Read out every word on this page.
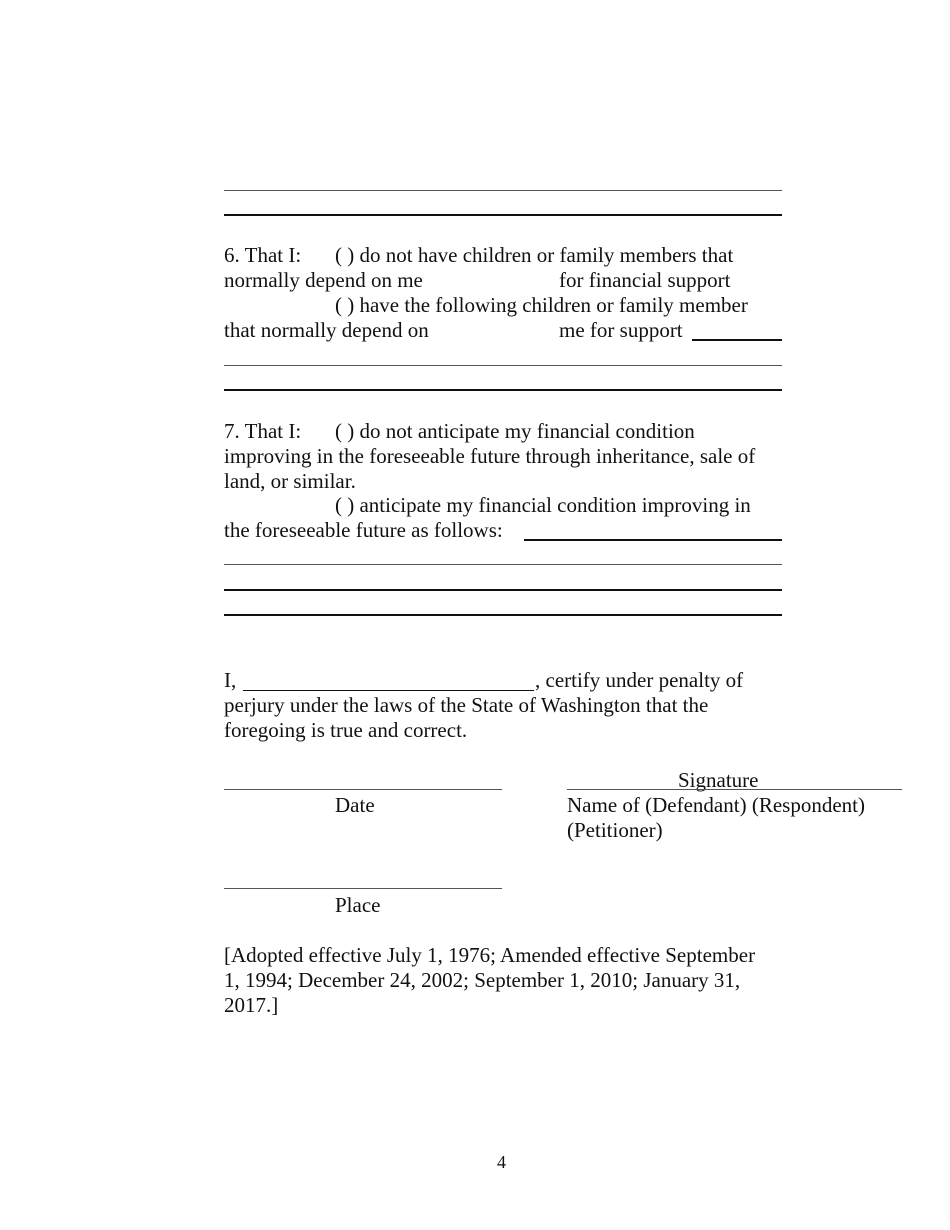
6. That I: ( ) do not have children or family members that
normally depend on me	for financial support
( ) have the following children or family member
that normally depend on	me for support
7. That I: ( ) do not anticipate my financial condition
improving in the foreseeable future through inheritance, sale of
land, or similar.
( ) anticipate my financial condition improving in
the foreseeable future as follows:
I,	, certify under penalty of
perjury under the laws of the State of Washington that the
foregoing is true and correct.
Date
Signature
Name of (Defendant) (Respondent)
(Petitioner)
Place
[Adopted effective July 1, 1976; Amended effective September
1, 1994; December 24, 2002; September 1, 2010; January 31,
2017.]
4
